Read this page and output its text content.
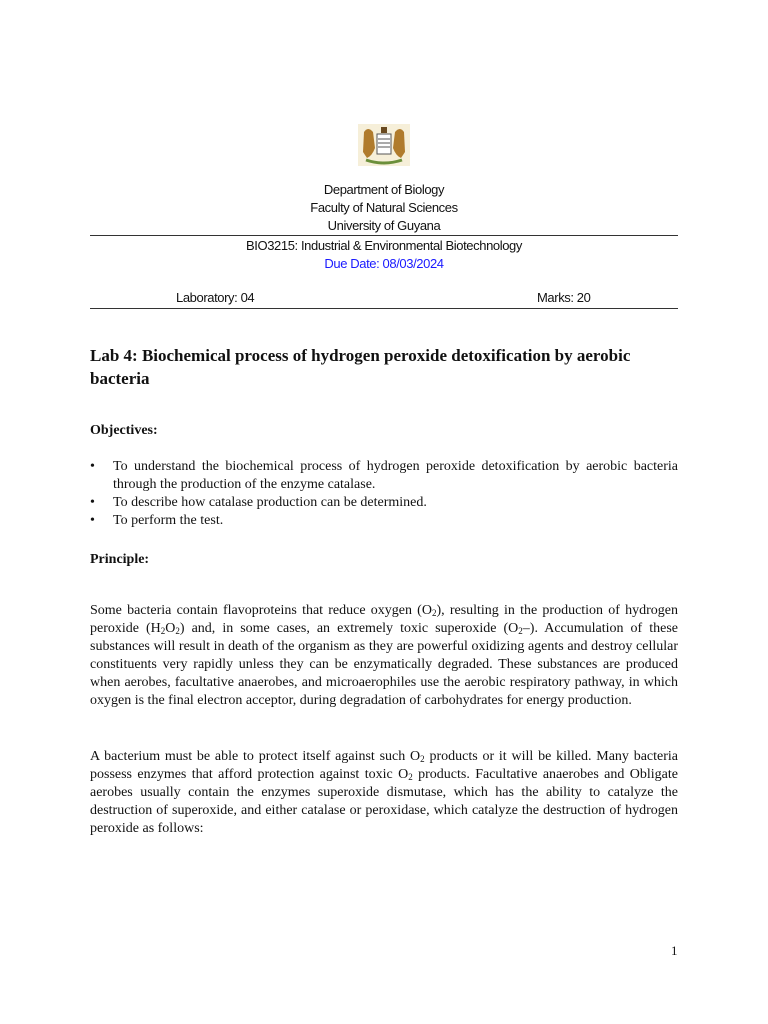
Department of Biology
Faculty of Natural Sciences
University of Guyana
BIO3215: Industrial & Environmental Biotechnology
Due Date: 08/03/2024
Laboratory: 04	Marks: 20
Lab 4: Biochemical process of hydrogen peroxide detoxification by aerobic bacteria
Objectives:
• To understand the biochemical process of hydrogen peroxide detoxification by aerobic bacteria through the production of the enzyme catalase.
• To describe how catalase production can be determined.
• To perform the test.
Principle:

Some bacteria contain flavoproteins that reduce oxygen $(O_2)$, resulting in the production of hydrogen peroxide $(H_2O_2)$ and, in some cases, an extremely toxic superoxide $(O_2-)$. Accumulation of these substances will result in death of the organism as they are powerful oxidizing agents and destroy cellular constituents very rapidly unless they can be enzymatically degraded. These substances are produced when aerobes, facultative anaerobes, and microaerophiles use the aerobic respiratory pathway, in which oxygen is the final electron acceptor, during degradation of carbohydrates for energy production.

A bacterium must be able to protect itself against such $O_2$ products or it will be killed. Many bacteria possess enzymes that afford protection against toxic $O_2$ products. Facultative anaerobes and Obligate aerobes usually contain the enzymes superoxide dismutase, which has the ability to catalyze the destruction of superoxide, and either catalase or peroxidase, which catalyze the destruction of hydrogen peroxide as follows:

1
